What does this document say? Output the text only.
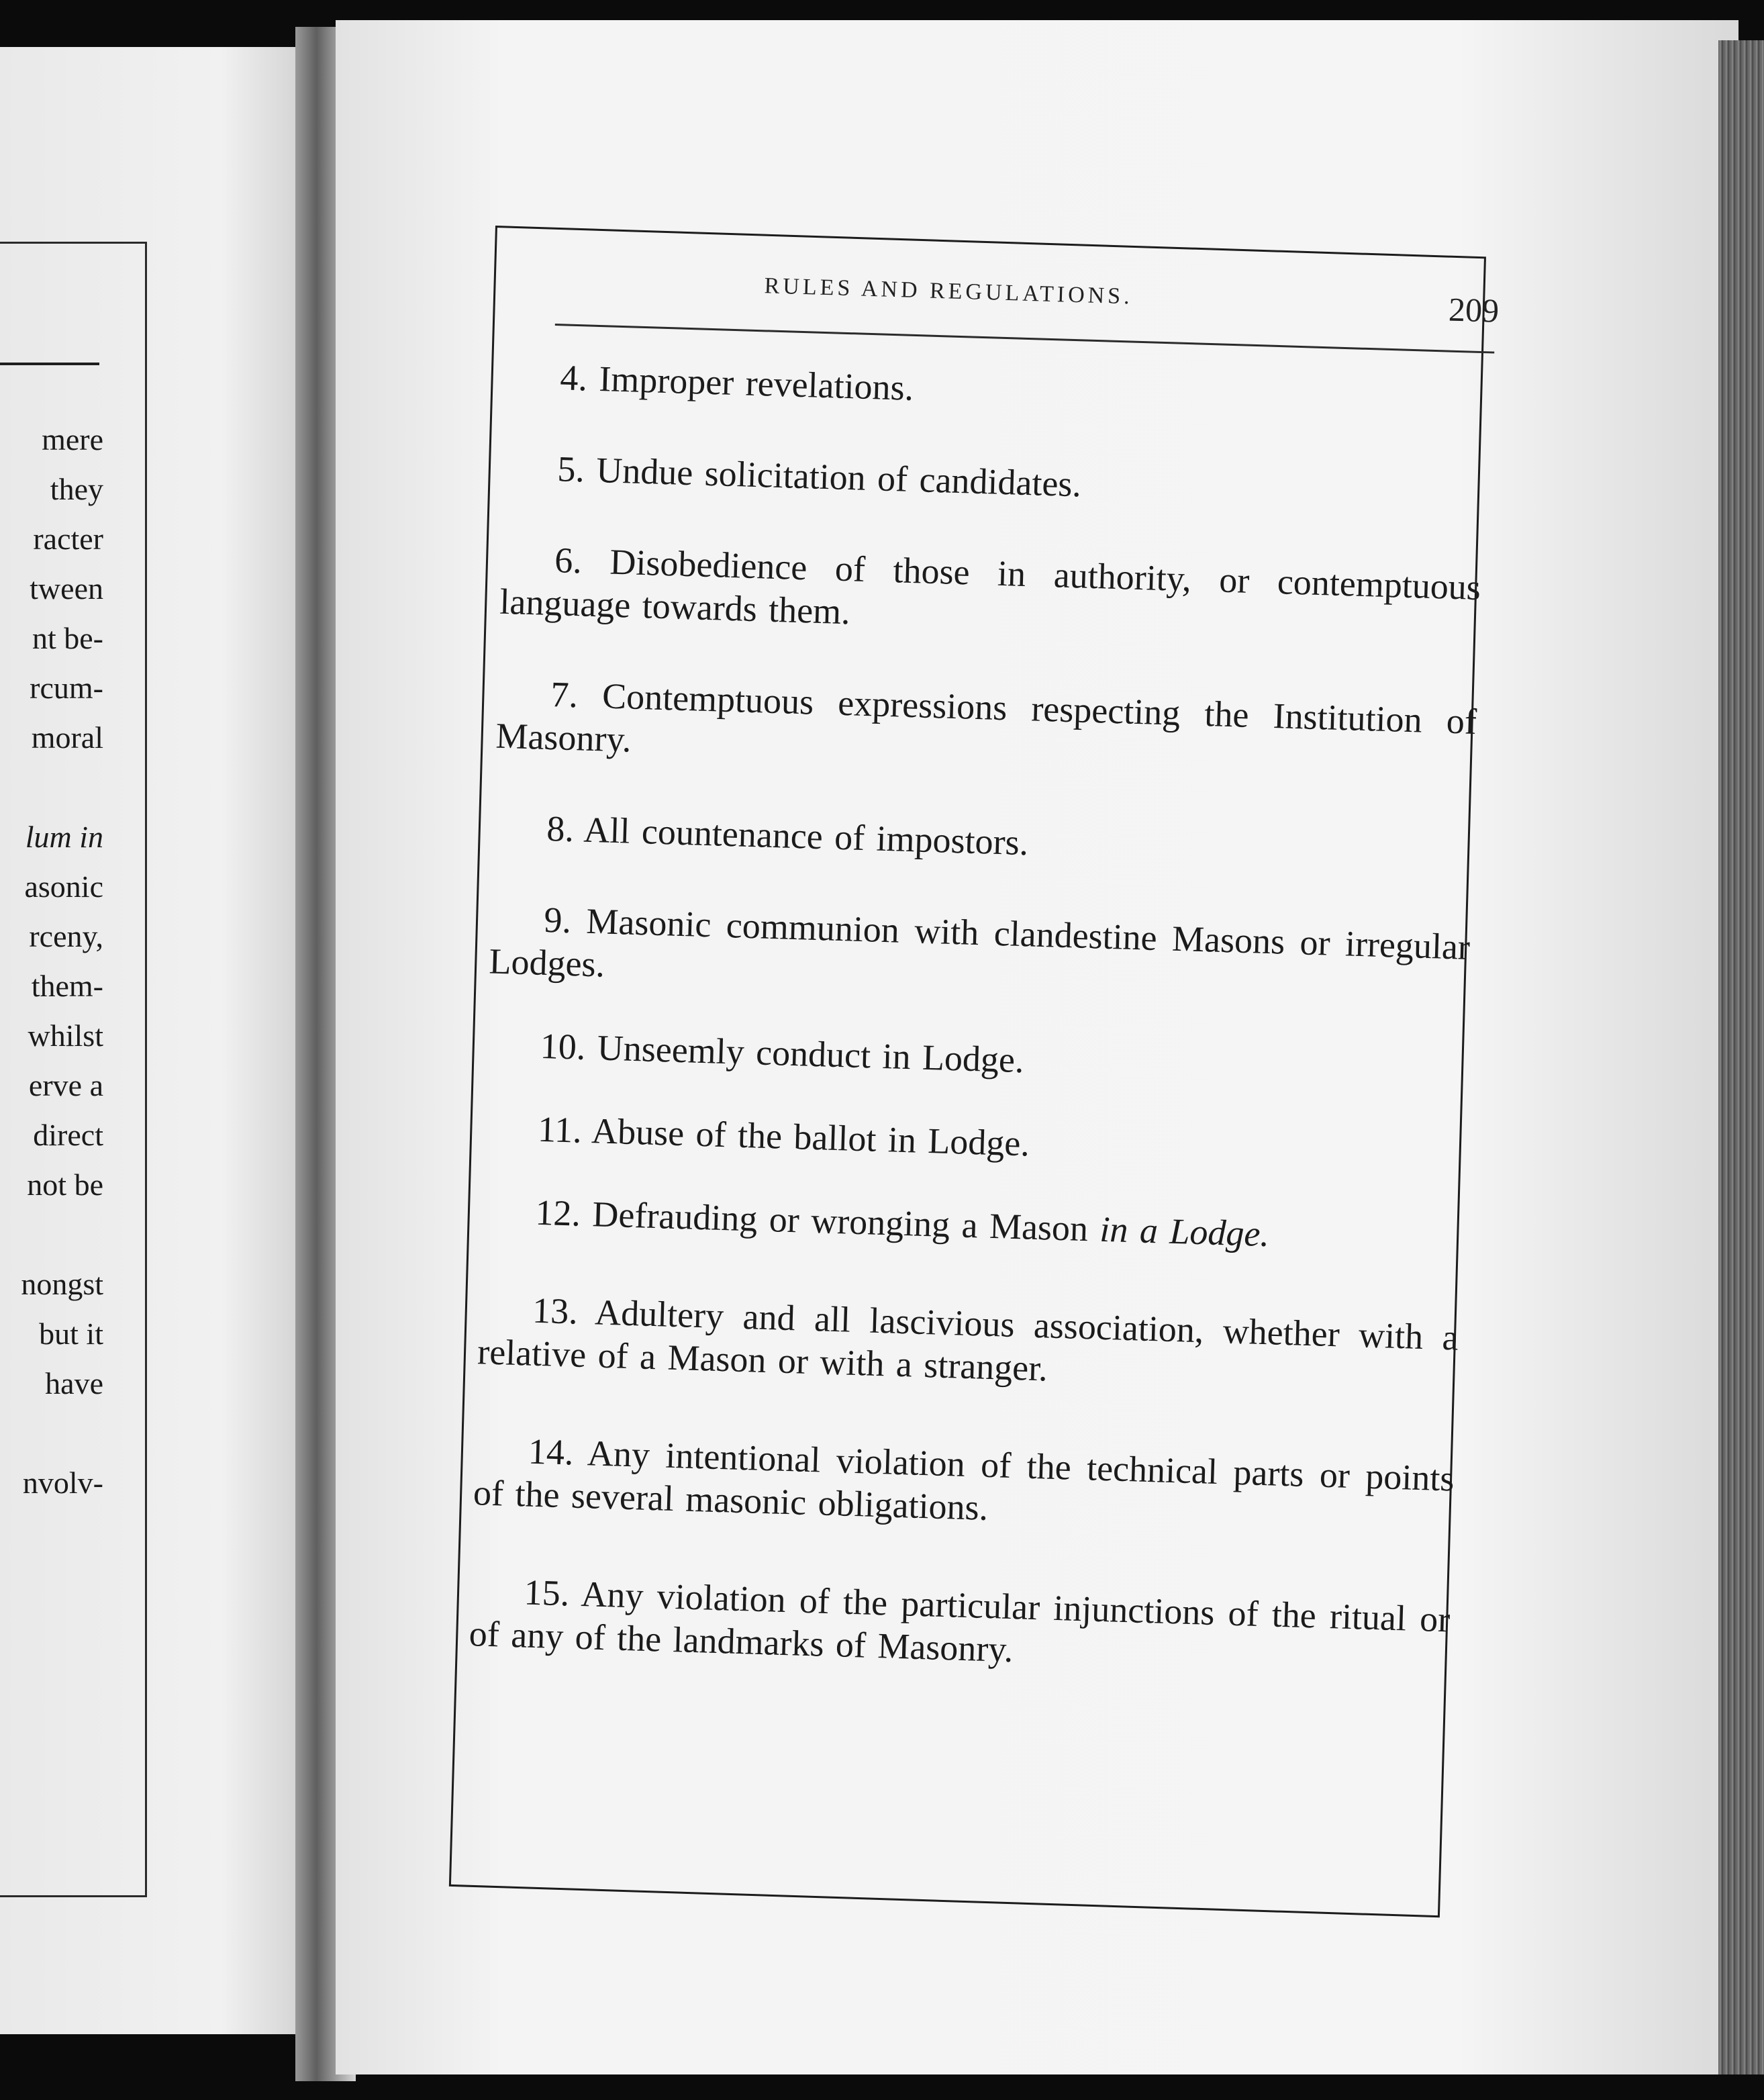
mere
they
racter
tween
nt be-
rcum-
moral
lum in
asonic
rceny,
them-
whilst
erve a
direct
not be
nongst
but it
have
nvolv-
RULES AND REGULATIONS.	209

4. Improper revelations.

5. Undue solicitation of candidates.

6. Disobedience of those in authority, or contemptuous language towards them.

7. Contemptuous expressions respecting the Institution of Masonry.

8. All countenance of impostors.

9. Masonic communion with clandestine Masons or irregular Lodges.

10. Unseemly conduct in Lodge.

11. Abuse of the ballot in Lodge.

12. Defrauding or wronging a Mason in a Lodge.

13. Adultery and all lascivious association, whether with a relative of a Mason or with a stranger.

14. Any intentional violation of the technical parts or points of the several masonic obligations.

15. Any violation of the particular injunctions of the ritual or of any of the landmarks of Masonry.
